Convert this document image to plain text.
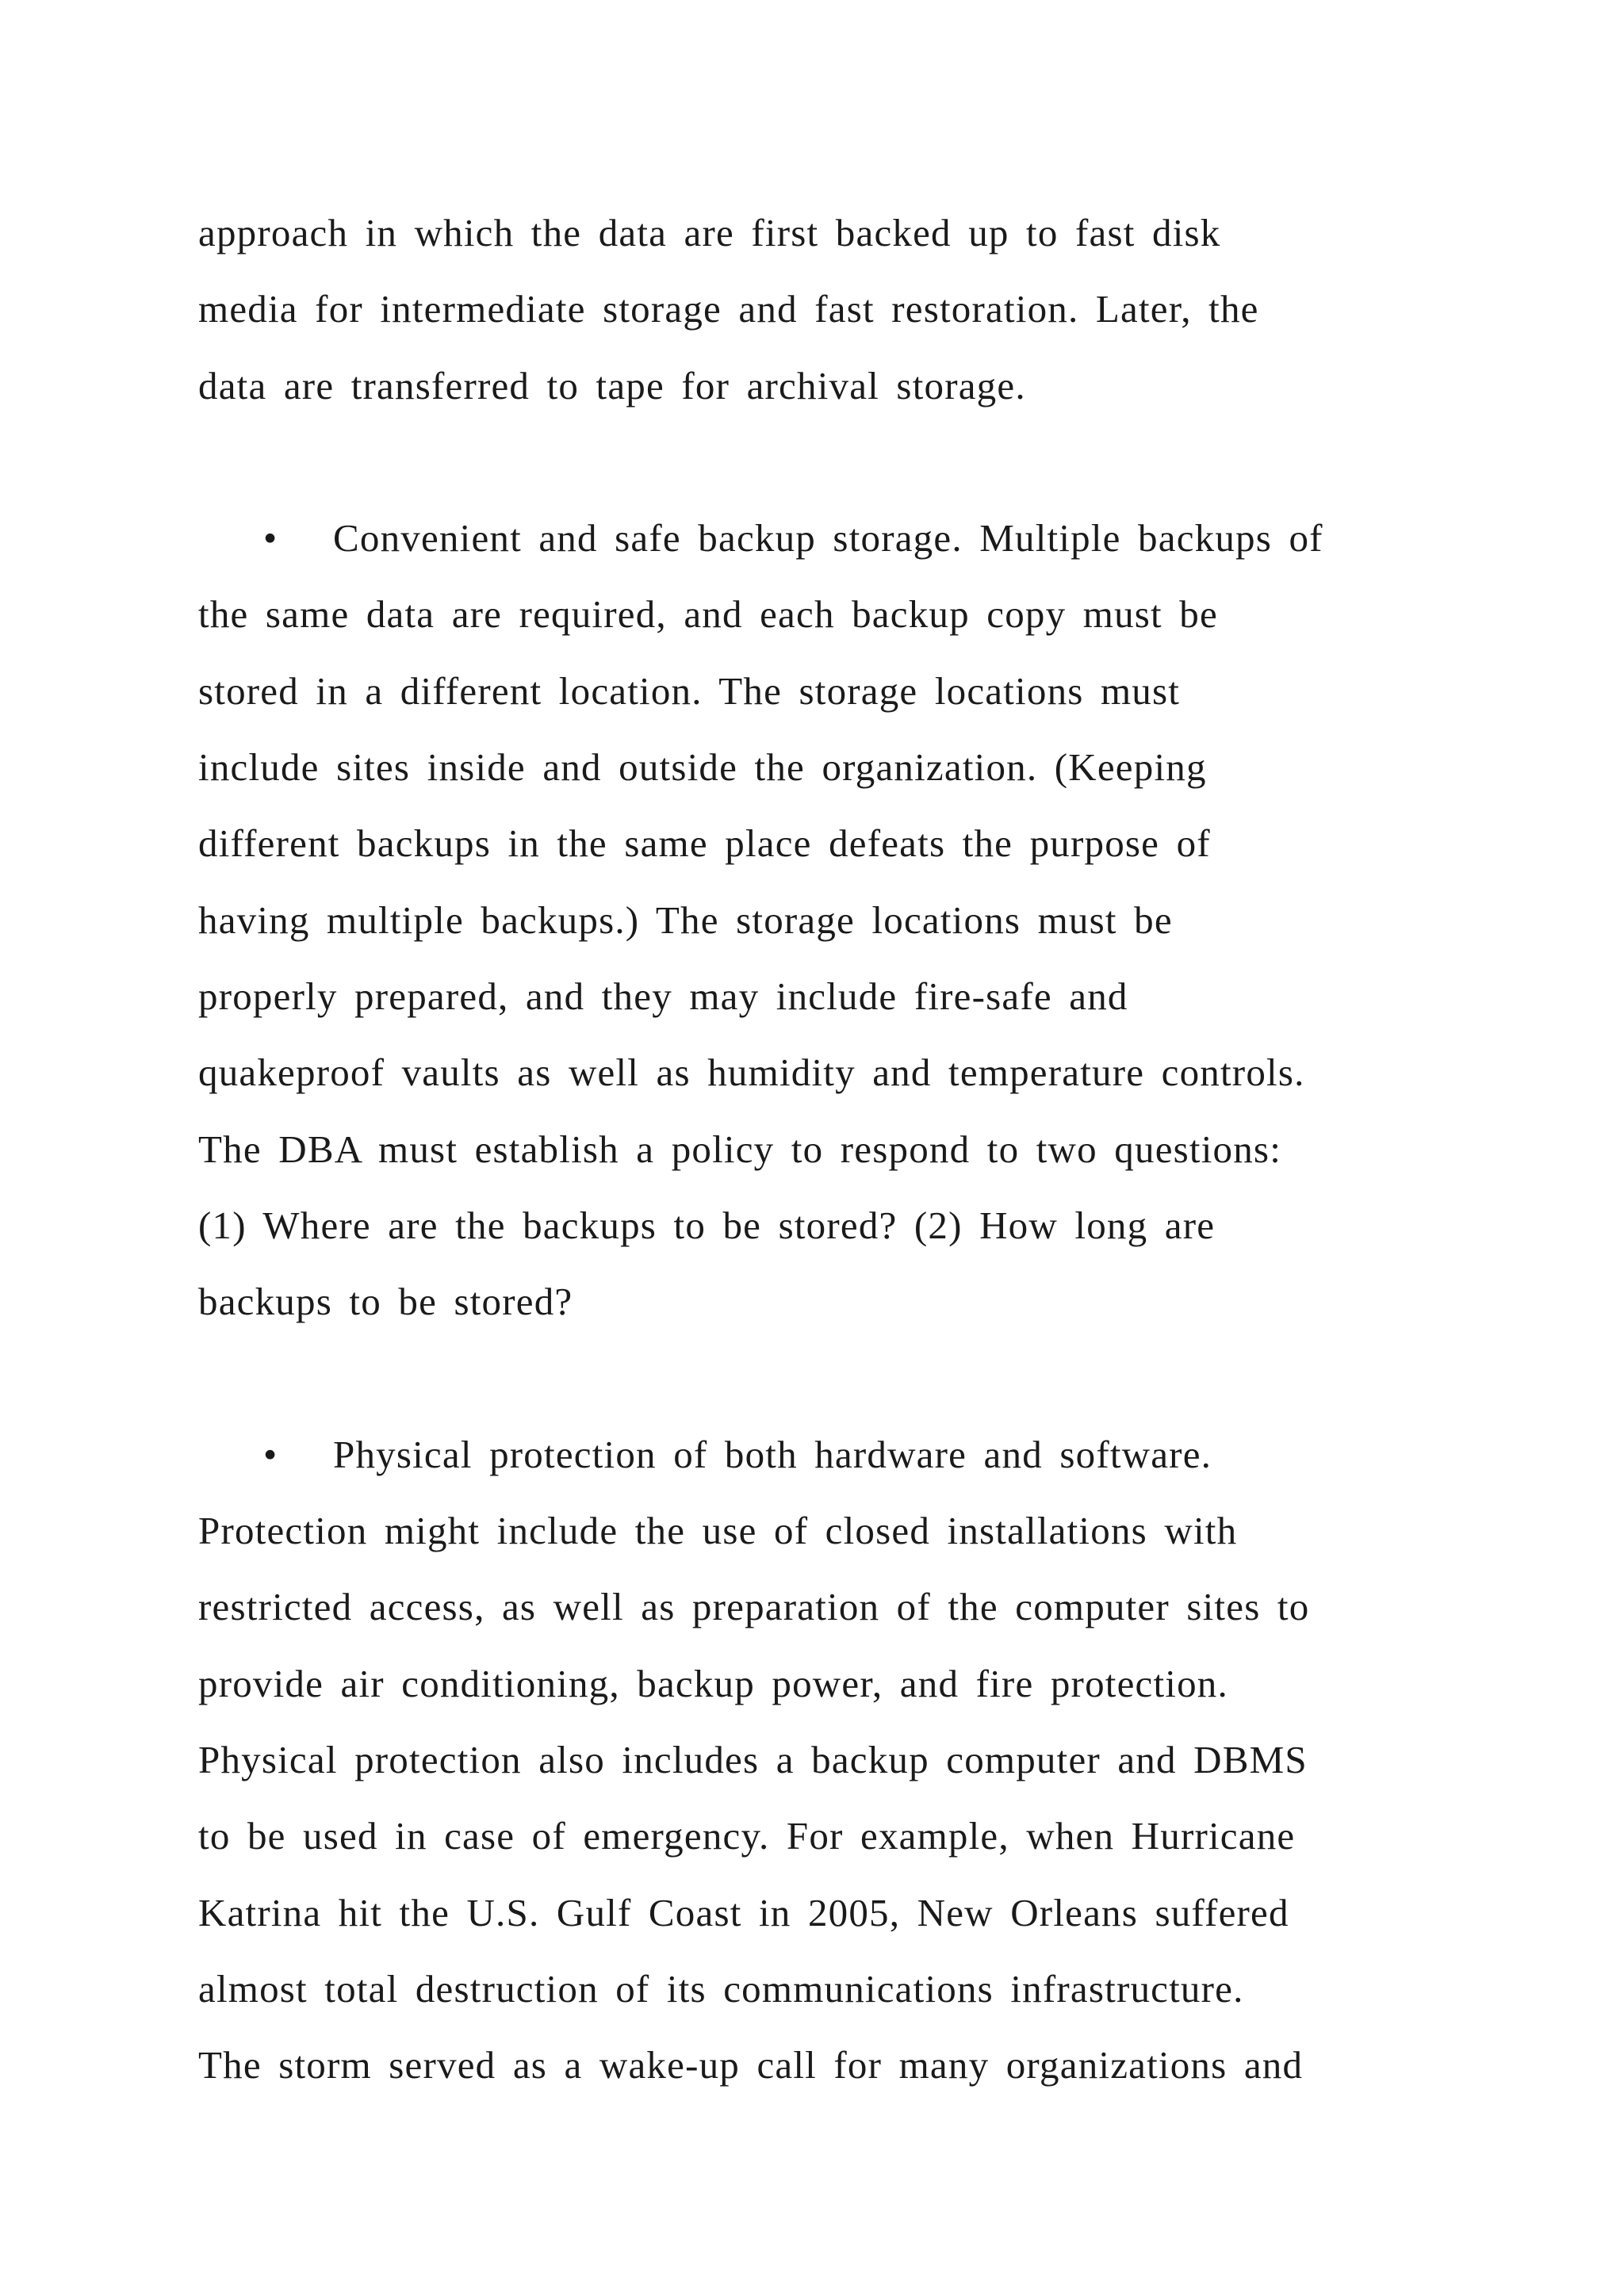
approach in which the data are first backed up to fast disk
media for intermediate storage and fast restoration. Later, the
data are transferred to tape for archival storage.
• Convenient and safe backup storage. Multiple backups of
the same data are required, and each backup copy must be
stored in a different location. The storage locations must
include sites inside and outside the organization. (Keeping
different backups in the same place defeats the purpose of
having multiple backups.) The storage locations must be
properly prepared, and they may include fire-safe and
quakeproof vaults as well as humidity and temperature controls.
The DBA must establish a policy to respond to two questions:
(1) Where are the backups to be stored? (2) How long are
backups to be stored?
• Physical protection of both hardware and software.
Protection might include the use of closed installations with
restricted access, as well as preparation of the computer sites to
provide air conditioning, backup power, and fire protection.
Physical protection also includes a backup computer and DBMS
to be used in case of emergency. For example, when Hurricane
Katrina hit the U.S. Gulf Coast in 2005, New Orleans suffered
almost total destruction of its communications infrastructure.
The storm served as a wake-up call for many organizations and
